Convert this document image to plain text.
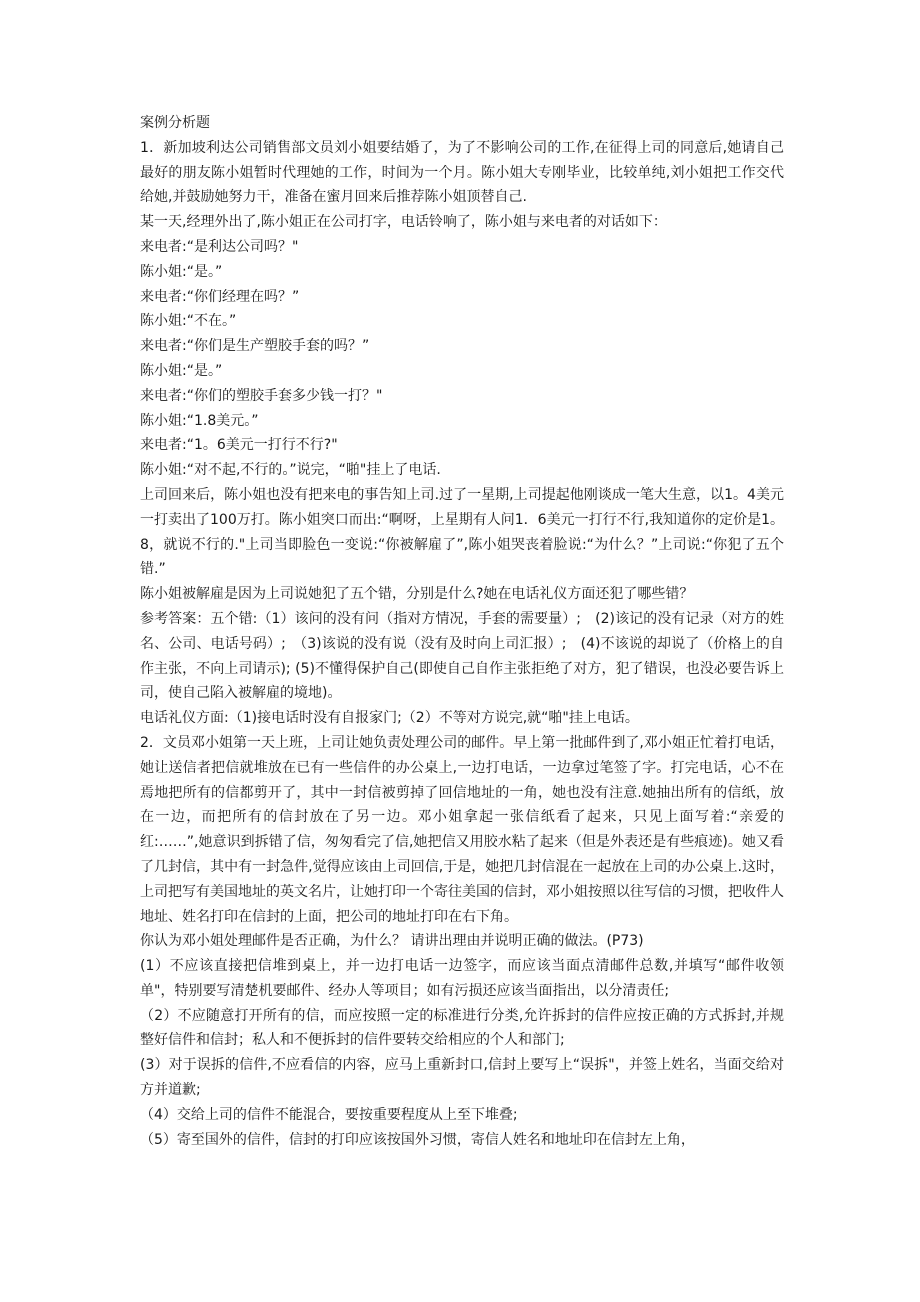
案例分析题

1．新加坡利达公司销售部文员刘小姐要结婚了，为了不影响公司的工作,在征得上司的同意后,她请自己最好的朋友陈小姐暂时代理她的工作，时间为一个月。陈小姐大专刚毕业，比较单纯,刘小姐把工作交代给她,并鼓励她努力干，准备在蜜月回来后推荐陈小姐顶替自己.

某一天,经理外出了,陈小姐正在公司打字，电话铃响了，陈小姐与来电者的对话如下：

来电者:“是利达公司吗？"

陈小姐:“是。”

来电者:“你们经理在吗？”

陈小姐:“不在。”

来电者:“你们是生产塑胶手套的吗？”

陈小姐:“是。”

来电者:“你们的塑胶手套多少钱一打？"

陈小姐:“1.8美元。”

来电者:“1。6美元一打行不行?"

陈小姐:“对不起,不行的。”说完，“啪"挂上了电话.

上司回来后，陈小姐也没有把来电的事告知上司.过了一星期,上司提起他刚谈成一笔大生意，以1。4美元一打卖出了100万打。陈小姐突口而出:“啊呀，上星期有人问1．6美元一打行不行,我知道你的定价是1。8，就说不行的."上司当即脸色一变说:“你被解雇了”,陈小姐哭丧着脸说:“为什么？”上司说:“你犯了五个错.”

陈小姐被解雇是因为上司说她犯了五个错，分别是什么?她在电话礼仪方面还犯了哪些错？

参考答案：五个错:（1）该问的没有问（指对方情况，手套的需要量）;　(2)该记的没有记录（对方的姓名、公司、电话号码）;　（3)该说的没有说（没有及时向上司汇报）;　(4)不该说的却说了（价格上的自作主张，不向上司请示); (5)不懂得保护自己(即使自己自作主张拒绝了对方，犯了错误，也没必要告诉上司，使自己陷入被解雇的境地)。

电话礼仪方面:（1)接电话时没有自报家门;（2）不等对方说完,就“啪"挂上电话。

2．文员邓小姐第一天上班，上司让她负责处理公司的邮件。早上第一批邮件到了,邓小姐正忙着打电话，她让送信者把信就堆放在已有一些信件的办公桌上,一边打电话，一边拿过笔签了字。打完电话，心不在焉地把所有的信都剪开了，其中一封信被剪掉了回信地址的一角，她也没有注意.她抽出所有的信纸，放在一边，而把所有的信封放在了另一边。邓小姐拿起一张信纸看了起来，只见上面写着:“亲爱的红:……”,她意识到拆错了信，匆匆看完了信,她把信又用胶水粘了起来（但是外表还是有些痕迹)。她又看了几封信，其中有一封急件,觉得应该由上司回信,于是，她把几封信混在一起放在上司的办公桌上.这时，上司把写有美国地址的英文名片，让她打印一个寄往美国的信封，邓小姐按照以往写信的习惯，把收件人地址、姓名打印在信封的上面，把公司的地址打印在右下角。

你认为邓小姐处理邮件是否正确，为什么？ 请讲出理由并说明正确的做法。(P73)

(1）不应该直接把信堆到桌上，并一边打电话一边签字，而应该当面点清邮件总数,并填写“邮件收领单"，特别要写清楚机要邮件、经办人等项目；如有污损还应该当面指出，以分清责任;

（2）不应随意打开所有的信，而应按照一定的标准进行分类,允许拆封的信件应按正确的方式拆封,并规整好信件和信封；私人和不便拆封的信件要转交给相应的个人和部门;

(3）对于误拆的信件,不应看信的内容，应马上重新封口,信封上要写上“误拆"，并签上姓名，当面交给对方并道歉;

（4）交给上司的信件不能混合，要按重要程度从上至下堆叠;

（5）寄至国外的信件，信封的打印应该按国外习惯，寄信人姓名和地址印在信封左上角，
